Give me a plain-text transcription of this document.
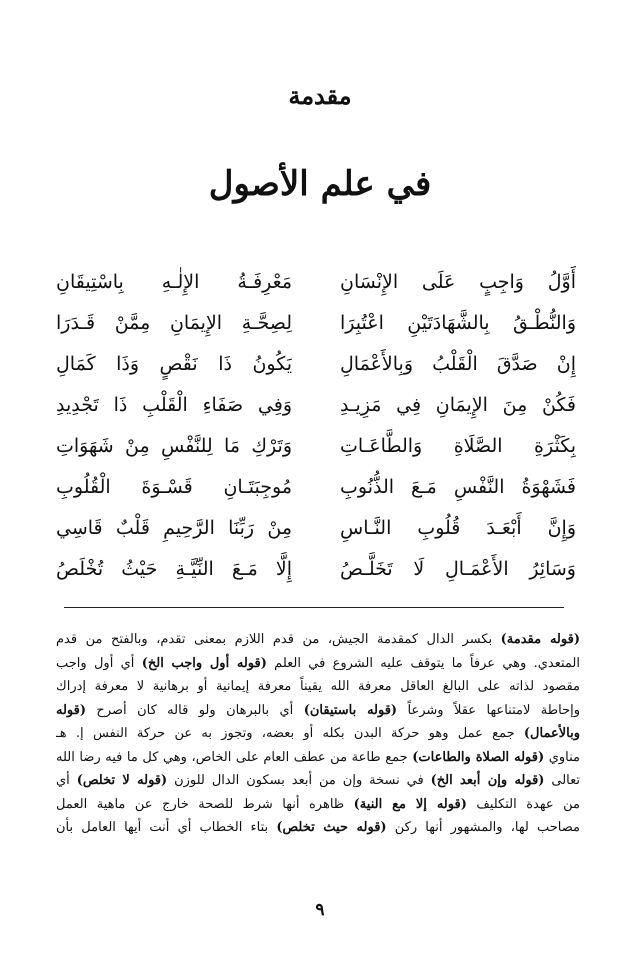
مقدمة
في علم الأصول
أَوَّلُ وَاجِبٍ عَلَى الإِنْسَانِ
مَعْرِفَـةُ الإِلٰـهِ بِاسْتِيقَانِ
وَالنُّطْـقُ بِالشَّهَادَتَيْنِ اعْتُبِرَا
لِصِحَّـةِ الإِيمَانِ مِمَّنْ قَـدَرَا
إِنْ صَدَّقَ الْقَلْبُ وَبِالأَعْمَالِ
يَكُونُ ذَا نَقْصٍ وَذَا كَمَالِ
فَكُنْ مِنَ الإِيمَانِ فِي مَزِيـدِ
وَفِي صَفَاءِ الْقَلْبِ ذَا تَجْدِيدِ
بِكَثْرَةِ الصَّلَاةِ وَالطَّاعَـاتِ
وَتَرْكِ مَا لِلنَّفْسِ مِنْ شَهَوَاتِ
فَشَهْوَةُ النَّفْسِ مَـعَ الذُّنُوبِ
مُوجِبَتَـانِ قَسْـوَةَ الْقُلُوبِ
وَإِنَّ أَبْعَـدَ قُلُوبِ النَّـاسِ
مِنْ رَبِّنَا الرَّحِيمِ قَلْبٌ قَاسِي
وَسَائِرُ الأَعْمَـالِ لَا تَخَلَّـصُ
إِلَّا مَـعَ النِّيَّـةِ حَيْثُ تُخْلَصُ
(قوله مقدمة) بكسر الدال كمقدمة الجيش، من قدم اللازم بمعنى تقدم، وبالفتح من قدم
المتعدي. وهي عرفاً ما يتوقف عليه الشروع في العلم (قوله أول واجب الخ) أي أول واجب
مقصود لذاته على البالغ العاقل معرفة الله يقيناً معرفة إيمانية أو برهانية لا معرفة إدراك
وإحاطة لامتناعها عقلاً وشرعاً (قوله باستيقان) أي بالبرهان ولو قاله كان أصرح (قوله
وبالأعمال) جمع عمل وهو حركة البدن بكله أو بعضه، وتجوز به عن حركة النفس إ. هـ
مناوي (قوله الصلاة والطاعات) جمع طاعة من عطف العام على الخاص، وهي كل ما فيه رضا الله
تعالى (قوله وإن أبعد الخ) في نسخة وإن من أبعد بسكون الدال للوزن (قوله لا تخلص) أي
من عهدة التكليف (قوله إلا مع النية) ظاهره أنها شرط للصحة خارج عن ماهية العمل
مصاحب لها، والمشهور أنها ركن (قوله حيث تخلص) بتاء الخطاب أي أنت أيها العامل بأن
٩
